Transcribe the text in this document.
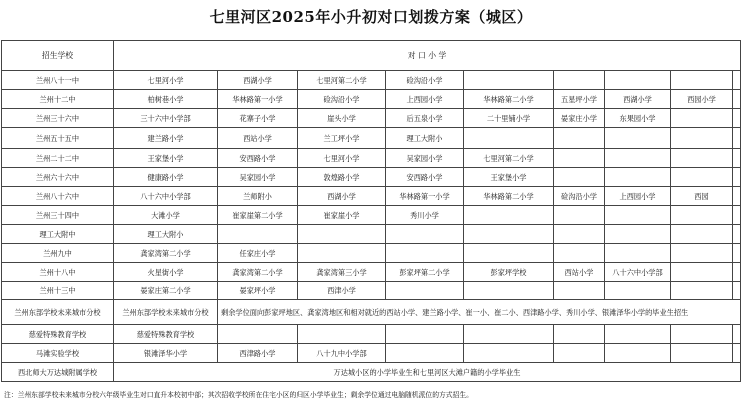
七里河区2025年小升初对口划拨方案（城区）
招生学校	对 口 小 学								
兰州八十一中	七里河小学	西湖小学	七里河第二小学	硷沟沿小学					
兰州十二中	柏树巷小学	华林路第一小学	硷沟沿小学	上西园小学	华林路第二小学	五星坪小学	西湖小学	西园小学	
兰州三十六中	三十六中小学部	花寨子小学	崖头小学	后五泉小学	二十里铺小学	晏家庄小学	东果园小学		
兰州五十五中	建兰路小学	西站小学	兰工坪小学	理工大附小					
兰州二十二中	王家堡小学	安西路小学	七里河小学	吴家园小学	七里河第二小学				
兰州六十六中	健康路小学	吴家园小学	敦煌路小学	安西路小学	王家堡小学				
兰州八十六中	八十六中小学部	兰师附小	西湖小学	华林路第一小学	华林路第二小学	硷沟沿小学	上西园小学	西园	
兰州三十四中	大滩小学	崔家崖第二小学	崔家崖小学	秀川小学					
理工大附中	理工大附小								
兰州九中	龚家湾第二小学	任家庄小学							
兰州十八中	火星街小学	龚家湾第二小学	龚家湾第三小学	彭家坪第二小学	彭家坪学校	西站小学	八十六中小学部		
兰州十三中	晏家庄第二小学	晏家坪小学	西津小学						
兰州东部学校未来城市分校	兰州东部学校未来城市分校	剩余学位面向彭家坪地区、龚家湾地区和相对就近的西站小学、建兰路小学、崔一小、崔二小、西津路小学、秀川小学、银滩泽华小学的毕业生招生							
慈爱特殊教育学校	慈爱特殊教育学校								
马滩实验学校	银滩泽华小学	西津路小学	八十九中小学部						
西北师大万达城附属学校	万达城小区的小学毕业生和七里河区大滩户籍的小学毕业生								
注：兰州东部学校未来城市分校六年级毕业生对口直升本校初中部；其次招收学校所在住宅小区的归区小学毕业生；剩余学位通过电脑随机派位的方式招生。
